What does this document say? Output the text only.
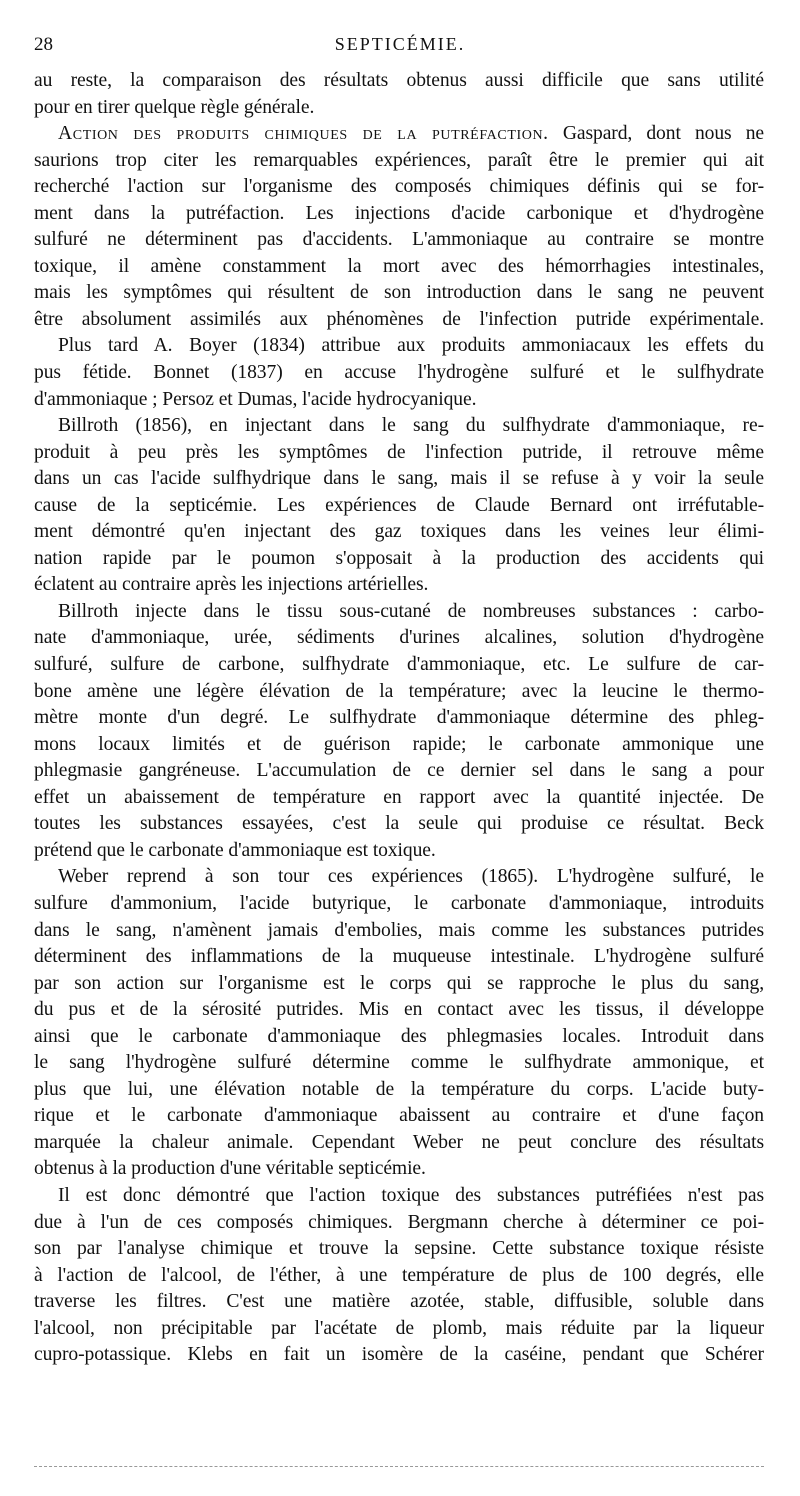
28	SEPTICÉMIE.
au reste, la comparaison des résultats obtenus aussi difficile que sans utilité
pour en tirer quelque règle générale.
Action des produits chimiques de la putréfaction. Gaspard, dont nous ne
saurions trop citer les remarquables expériences, paraît être le premier qui ait
recherché l'action sur l'organisme des composés chimiques définis qui se for-
ment dans la putréfaction. Les injections d'acide carbonique et d'hydrogène
sulfuré ne déterminent pas d'accidents. L'ammoniaque au contraire se montre
toxique, il amène constamment la mort avec des hémorrhagies intestinales,
mais les symptômes qui résultent de son introduction dans le sang ne peuvent
être absolument assimilés aux phénomènes de l'infection putride expérimentale.
Plus tard A. Boyer (1834) attribue aux produits ammoniacaux les effets du
pus fétide. Bonnet (1837) en accuse l'hydrogène sulfuré et le sulfhydrate
d'ammoniaque ; Persoz et Dumas, l'acide hydrocyanique.
Billroth (1856), en injectant dans le sang du sulfhydrate d'ammoniaque, re-
produit à peu près les symptômes de l'infection putride, il retrouve même
dans un cas l'acide sulfhydrique dans le sang, mais il se refuse à y voir la seule
cause de la septicémie. Les expériences de Claude Bernard ont irréfutable-
ment démontré qu'en injectant des gaz toxiques dans les veines leur élimi-
nation rapide par le poumon s'opposait à la production des accidents qui
éclatent au contraire après les injections artérielles.
Billroth injecte dans le tissu sous-cutané de nombreuses substances : carbo-
nate d'ammoniaque, urée, sédiments d'urines alcalines, solution d'hydrogène
sulfuré, sulfure de carbone, sulfhydrate d'ammoniaque, etc. Le sulfure de car-
bone amène une légère élévation de la température; avec la leucine le thermo-
mètre monte d'un degré. Le sulfhydrate d'ammoniaque détermine des phleg-
mons locaux limités et de guérison rapide; le carbonate ammonique une
phlegmasie gangréneuse. L'accumulation de ce dernier sel dans le sang a pour
effet un abaissement de température en rapport avec la quantité injectée. De
toutes les substances essayées, c'est la seule qui produise ce résultat. Beck
prétend que le carbonate d'ammoniaque est toxique.
Weber reprend à son tour ces expériences (1865). L'hydrogène sulfuré, le
sulfure d'ammonium, l'acide butyrique, le carbonate d'ammoniaque, introduits
dans le sang, n'amènent jamais d'embolies, mais comme les substances putrides
déterminent des inflammations de la muqueuse intestinale. L'hydrogène sulfuré
par son action sur l'organisme est le corps qui se rapproche le plus du sang,
du pus et de la sérosité putrides. Mis en contact avec les tissus, il développe
ainsi que le carbonate d'ammoniaque des phlegmasies locales. Introduit dans
le sang l'hydrogène sulfuré détermine comme le sulfhydrate ammonique, et
plus que lui, une élévation notable de la température du corps. L'acide buty-
rique et le carbonate d'ammoniaque abaissent au contraire et d'une façon
marquée la chaleur animale. Cependant Weber ne peut conclure des résultats
obtenus à la production d'une véritable septicémie.
Il est donc démontré que l'action toxique des substances putréfiées n'est pas
due à l'un de ces composés chimiques. Bergmann cherche à déterminer ce poi-
son par l'analyse chimique et trouve la sepsine. Cette substance toxique résiste
à l'action de l'alcool, de l'éther, à une température de plus de 100 degrés, elle
traverse les filtres. C'est une matière azotée, stable, diffusible, soluble dans
l'alcool, non précipitable par l'acétate de plomb, mais réduite par la liqueur
cupro-potassique. Klebs en fait un isomère de la caséine, pendant que Schérer
